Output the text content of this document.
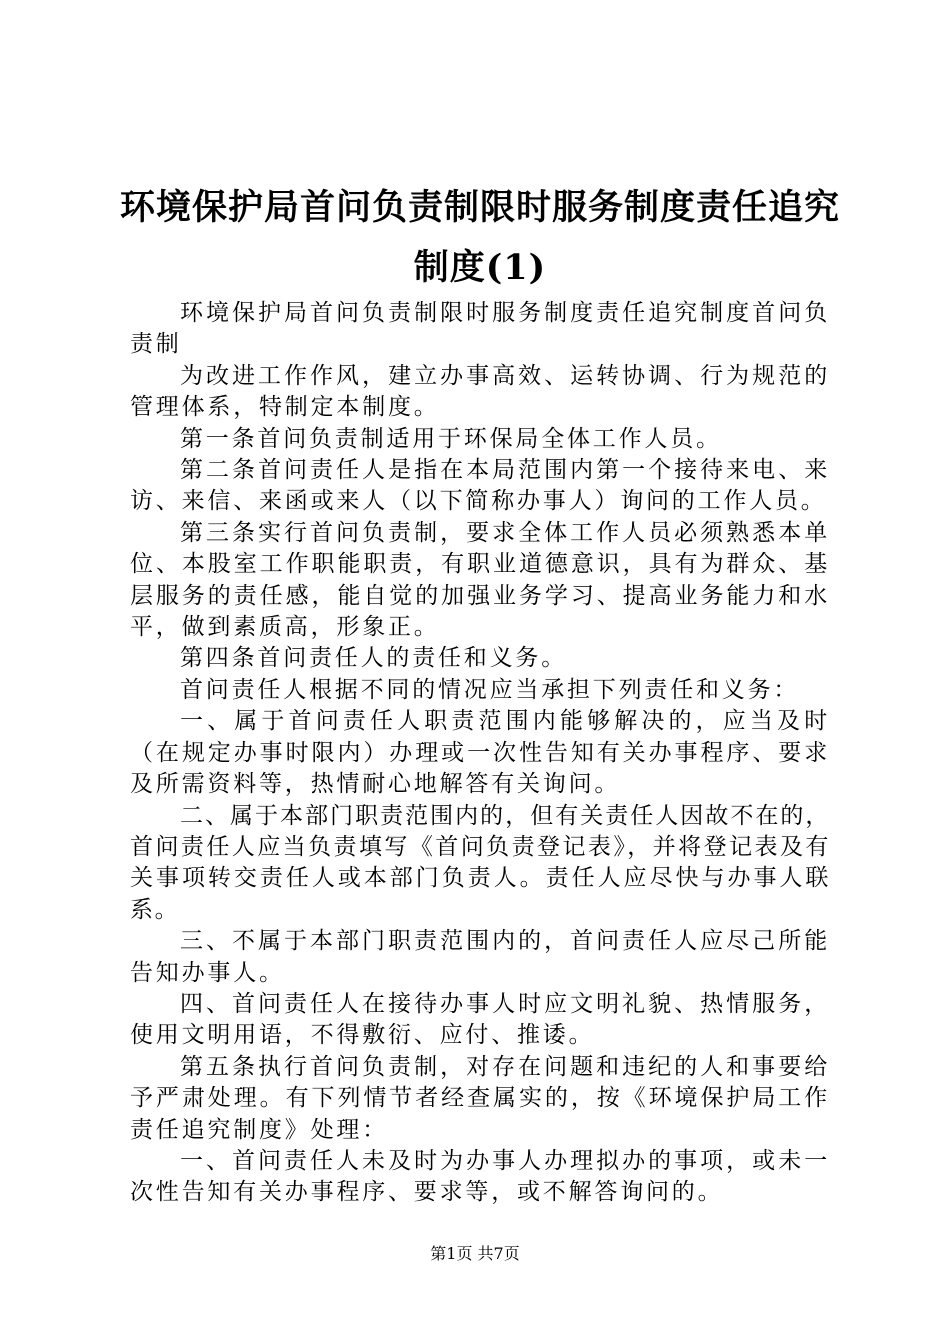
环境保护局首问负责制限时服务制度责任追究
制度(1)

环境保护局首问负责制限时服务制度责任追究制度首问负责制

为改进工作作风，建立办事高效、运转协调、行为规范的管理体系，特制定本制度。

第一条首问负责制适用于环保局全体工作人员。

第二条首问责任人是指在本局范围内第一个接待来电、来访、来信、来函或来人（以下简称办事人）询问的工作人员。

第三条实行首问负责制，要求全体工作人员必须熟悉本单位、本股室工作职能职责，有职业道德意识，具有为群众、基层服务的责任感，能自觉的加强业务学习、提高业务能力和水平，做到素质高，形象正。

第四条首问责任人的责任和义务。

首问责任人根据不同的情况应当承担下列责任和义务：

一、属于首问责任人职责范围内能够解决的，应当及时（在规定办事时限内）办理或一次性告知有关办事程序、要求及所需资料等，热情耐心地解答有关询问。

二、属于本部门职责范围内的，但有关责任人因故不在的，首问责任人应当负责填写《首问负责登记表》，并将登记表及有关事项转交责任人或本部门负责人。责任人应尽快与办事人联系。

三、不属于本部门职责范围内的，首问责任人应尽己所能告知办事人。

四、首问责任人在接待办事人时应文明礼貌、热情服务，使用文明用语，不得敷衍、应付、推诿。

第五条执行首问负责制，对存在问题和违纪的人和事要给予严肃处理。有下列情节者经查属实的，按《环境保护局工作责任追究制度》处理：

一、首问责任人未及时为办事人办理拟办的事项，或未一次性告知有关办事程序、要求等，或不解答询问的。

第1页 共7页
